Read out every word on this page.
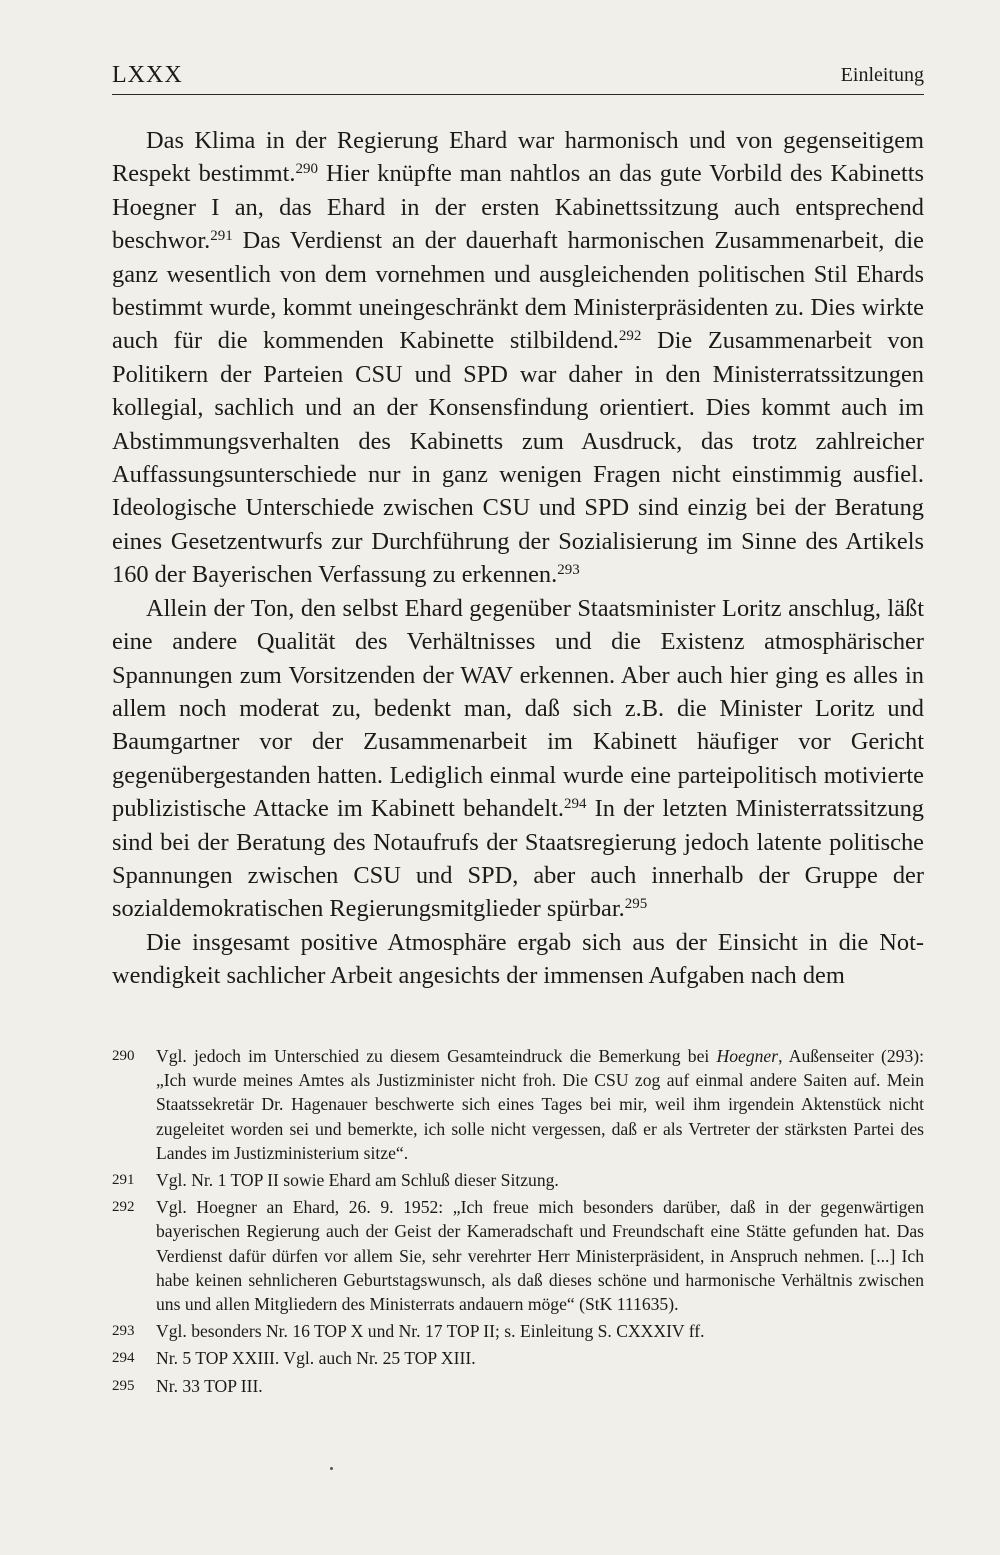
LXXX	Einleitung

Das Klima in der Regierung Ehard war harmonisch und von gegenseitigem Respekt bestimmt.$^{290}$ Hier knüpfte man nahtlos an das gute Vorbild des Kabinetts Hoegner I an, das Ehard in der ersten Kabinettssitzung auch entsprechend beschwor.$^{291}$ Das Verdienst an der dauerhaft harmonischen Zusammenarbeit, die ganz wesentlich von dem vornehmen und ausgleichenden politischen Stil Ehards bestimmt wurde, kommt uneingeschränkt dem Ministerpräsidenten zu. Dies wirkte auch für die kommenden Kabinette stilbildend.$^{292}$ Die Zusammenarbeit von Politikern der Parteien CSU und SPD war daher in den Ministerratssitzungen kollegial, sachlich und an der Konsensfindung orientiert. Dies kommt auch im Abstimmungsverhalten des Kabinetts zum Ausdruck, das trotz zahlreicher Auffassungsunterschiede nur in ganz wenigen Fragen nicht einstimmig ausfiel. Ideologische Unterschiede zwischen CSU und SPD sind einzig bei der Beratung eines Gesetzentwurfs zur Durchführung der Sozialisierung im Sinne des Artikels 160 der Bayerischen Verfassung zu erkennen.$^{293}$

Allein der Ton, den selbst Ehard gegenüber Staatsminister Loritz anschlug, läßt eine andere Qualität des Verhältnisses und die Existenz atmosphärischer Spannungen zum Vorsitzenden der WAV erkennen. Aber auch hier ging es alles in allem noch moderat zu, bedenkt man, daß sich z.B. die Minister Loritz und Baumgartner vor der Zusammenarbeit im Kabinett häufiger vor Gericht gegenübergestanden hatten. Lediglich einmal wurde eine parteipolitisch motivierte publizistische Attacke im Kabinett behandelt.$^{294}$ In der letzten Ministerratssitzung sind bei der Beratung des Notaufrufs der Staatsregierung jedoch latente politische Spannungen zwischen CSU und SPD, aber auch innerhalb der Gruppe der sozialdemokratischen Regierungsmitglieder spürbar.$^{295}$

Die insgesamt positive Atmosphäre ergab sich aus der Einsicht in die Notwendigkeit sachlicher Arbeit angesichts der immensen Aufgaben nach dem

290	Vgl. jedoch im Unterschied zu diesem Gesamteindruck die Bemerkung bei Hoegner, Außenseiter (293): „Ich wurde meines Amtes als Justizminister nicht froh. Die CSU zog auf einmal andere Saiten auf. Mein Staatssekretär Dr. Hagenauer beschwerte sich eines Tages bei mir, weil ihm irgendein Aktenstück nicht zugeleitet worden sei und bemerkte, ich solle nicht vergessen, daß er als Vertreter der stärksten Partei des Landes im Justizministerium sitze“.
291	Vgl. Nr. 1 TOP II sowie Ehard am Schluß dieser Sitzung.
292	Vgl. Hoegner an Ehard, 26. 9. 1952: „Ich freue mich besonders darüber, daß in der gegenwärtigen bayerischen Regierung auch der Geist der Kameradschaft und Freundschaft eine Stätte gefunden hat. Das Verdienst dafür dürfen vor allem Sie, sehr verehrter Herr Ministerpräsident, in Anspruch nehmen. [...] Ich habe keinen sehnlicheren Geburtstagswunsch, als daß dieses schöne und harmonische Verhältnis zwischen uns und allen Mitgliedern des Ministerrats andauern möge“ (StK 111635).
293	Vgl. besonders Nr. 16 TOP X und Nr. 17 TOP II; s. Einleitung S. CXXXIV ff.
294	Nr. 5 TOP XXIII. Vgl. auch Nr. 25 TOP XIII.
295	Nr. 33 TOP III.
